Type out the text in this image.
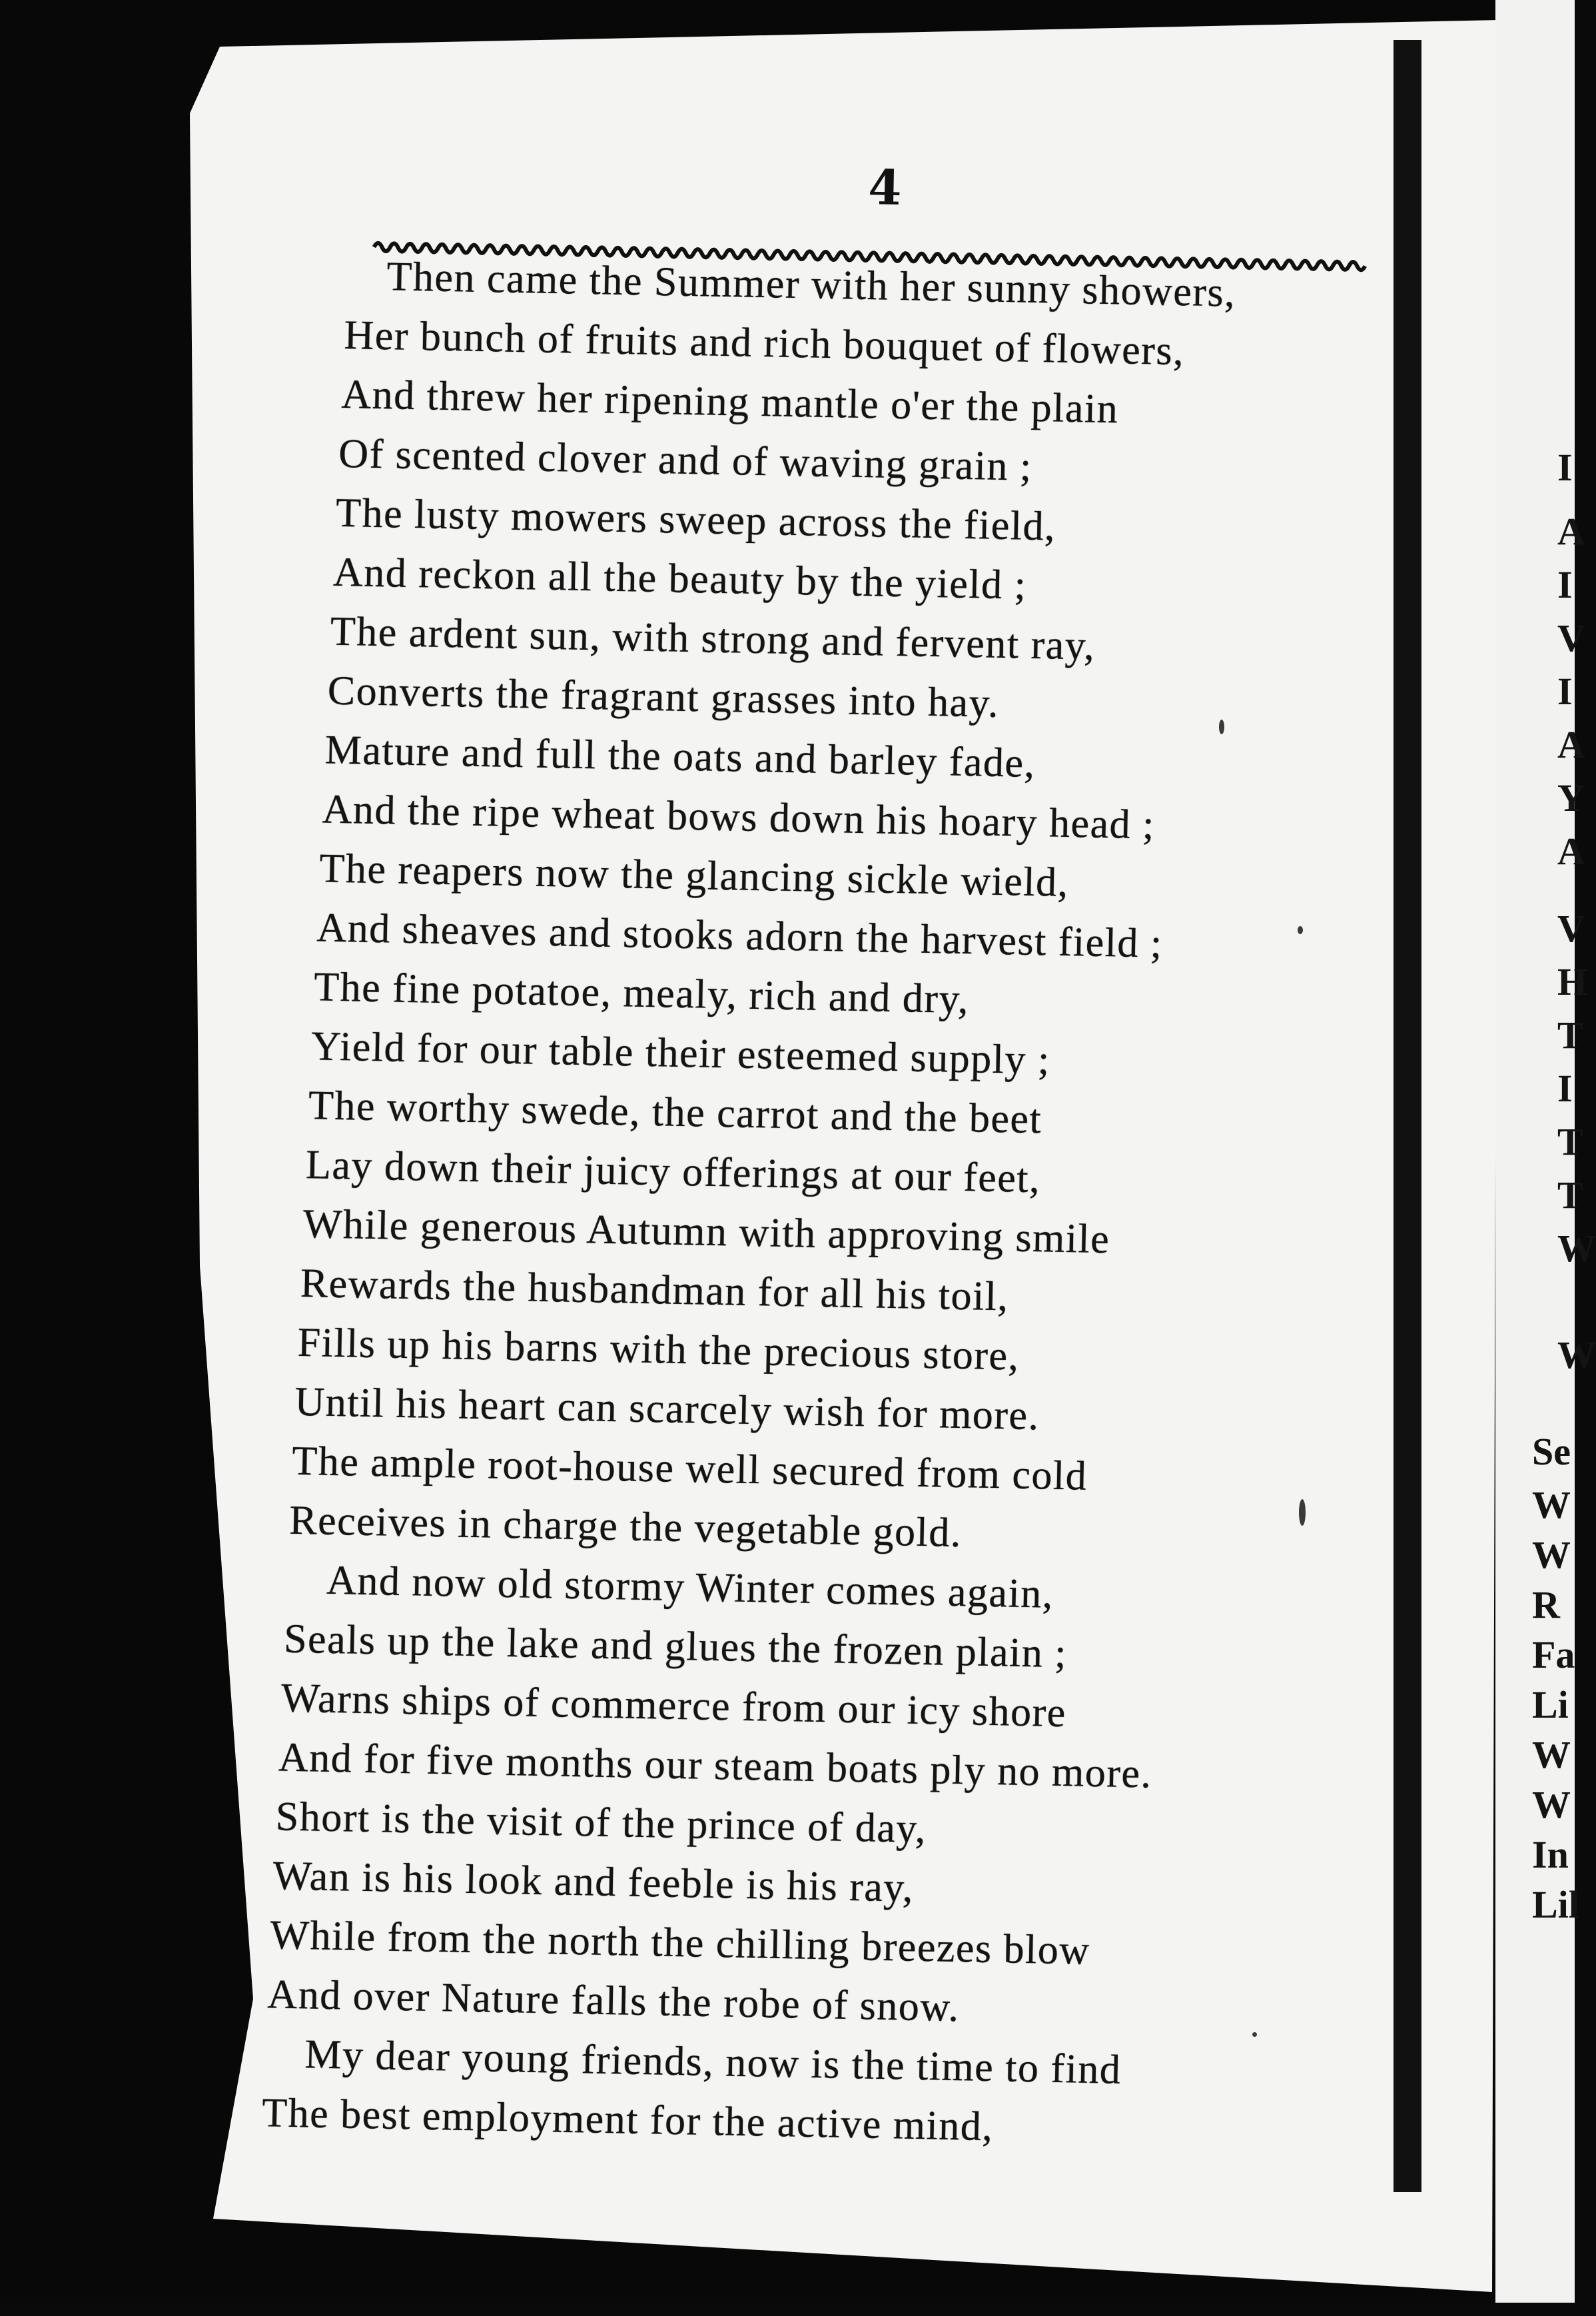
4
Then came the Summer with her sunny showers,
Her bunch of fruits and rich bouquet of flowers,
And threw her ripening mantle o'er the plain
Of scented clover and of waving grain ;
The lusty mowers sweep across the field,
And reckon all the beauty by the yield ;
The ardent sun, with strong and fervent ray,
Converts the fragrant grasses into hay.
Mature and full the oats and barley fade,
And the ripe wheat bows down his hoary head ;
The reapers now the glancing sickle wield,
And sheaves and stooks adorn the harvest field ;
The fine potatoe, mealy, rich and dry,
Yield for our table their esteemed supply ;
The worthy swede, the carrot and the beet
Lay down their juicy offerings at our feet,
While generous Autumn with approving smile
Rewards the husbandman for all his toil,
Fills up his barns with the precious store,
Until his heart can scarcely wish for more.
The ample root-house well secured from cold
Receives in charge the vegetable gold.
And now old stormy Winter comes again,
Seals up the lake and glues the frozen plain ;
Warns ships of commerce from our icy shore
And for five months our steam boats ply no more.
Short is the visit of the prince of day,
Wan is his look and feeble is his ray,
While from the north the chilling breezes blow
And over Nature falls the robe of snow.
My dear young friends, now is the time to find
The best employment for the active mind,
I
A
I
V
I
A
Y
A
V
H
T
I
T
T
W
W
Se
W
W
R
Fa
Li
W
W
In
Lil
